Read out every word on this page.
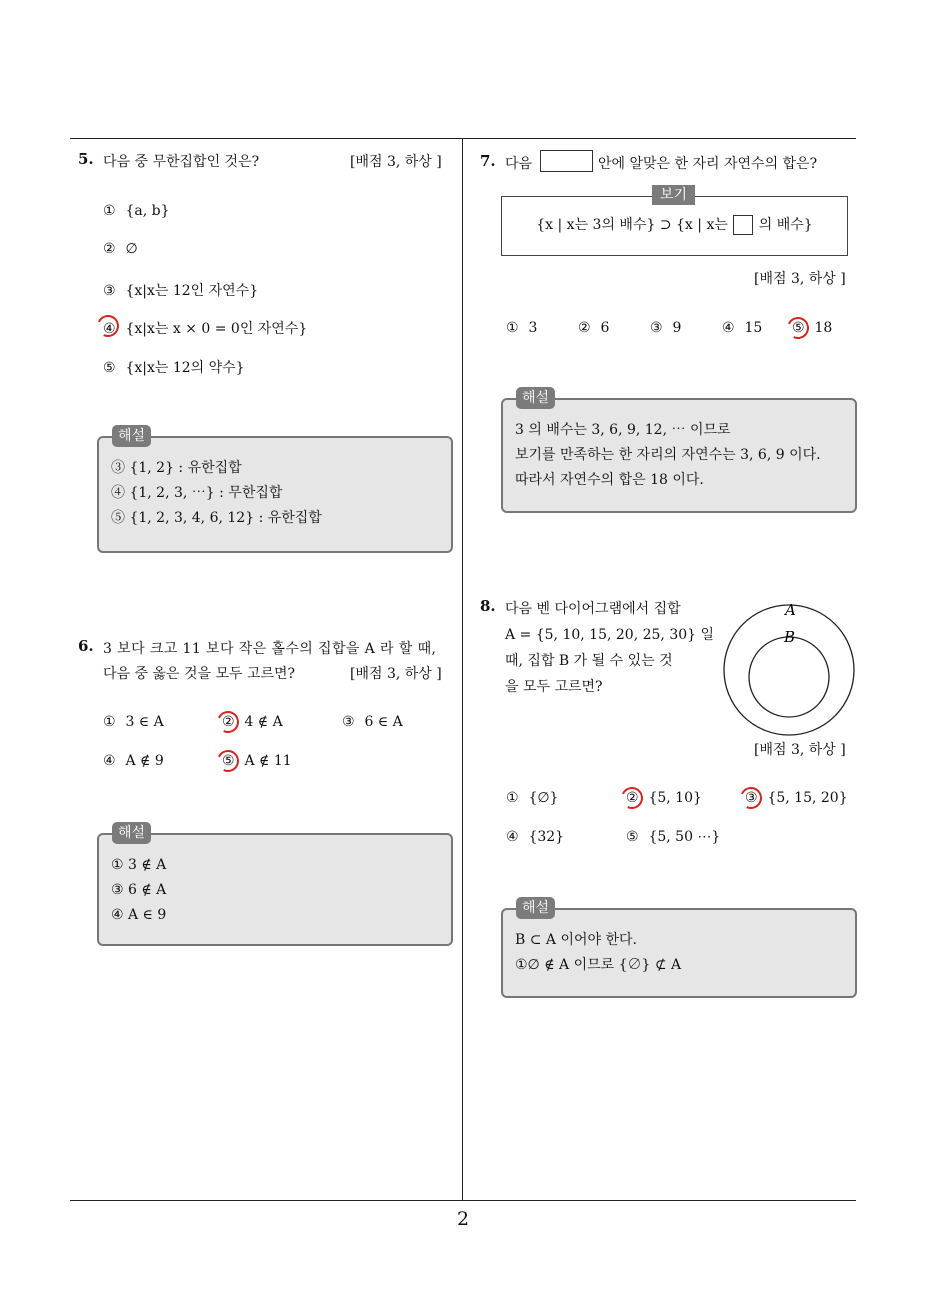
2
5. 다음 중 무한집합인 것은?	[배점 3, 하상 ]
① {a, b}
② ∅
③ {x|x는 12인 자연수}
④ {x|x는 x × 0 = 0인 자연수}
⑤ {x|x는 12의 약수}
③ {1, 2} : 유한집합
④ {1, 2, 3, ⋯} : 무한집합
⑤ {1, 2, 3, 4, 6, 12} : 유한집합
해설
6. 3 보다 크고 11 보다 작은 홀수의 집합을 A 라 할 때,
다음 중 옳은 것을 모두 고르면?	[배점 3, 하상 ]
① 3 ∈ A	② 4 ∉ A	③ 6 ∈ A
④ A ∉ 9	⑤ A ∉ 11
① 3 ∉ A
③ 6 ∉ A
④ A ∈ 9
해설
7. 다음	안에 알맞은 한 자리 자연수의 합은?
{x | x는 3의 배수} ⊃ {x | x는 의 배수}
보기
[배점 3, 하상 ]
① 3	② 6	③ 9	④ 15 ⑤ 18
3 의 배수는 3, 6, 9, 12, ⋯ 이므로
보기를 만족하는 한 자리의 자연수는 3, 6, 9 이다.
따라서 자연수의 합은 18 이다.
해설
8. 다음 벤 다이어그램에서 집합
A = {5, 10, 15, 20, 25, 30} 일
때, 집합 B 가 될 수 있는 것
을 모두 고르면?
A
B
[배점 3, 하상 ]
① {∅}	② {5, 10}	③ {5, 15, 20}
④ {32}	⑤ {5, 50 ⋯}
B ⊂ A 이어야 한다.
①∅ ∉ A 이므로 {∅} ⊄ A
해설
